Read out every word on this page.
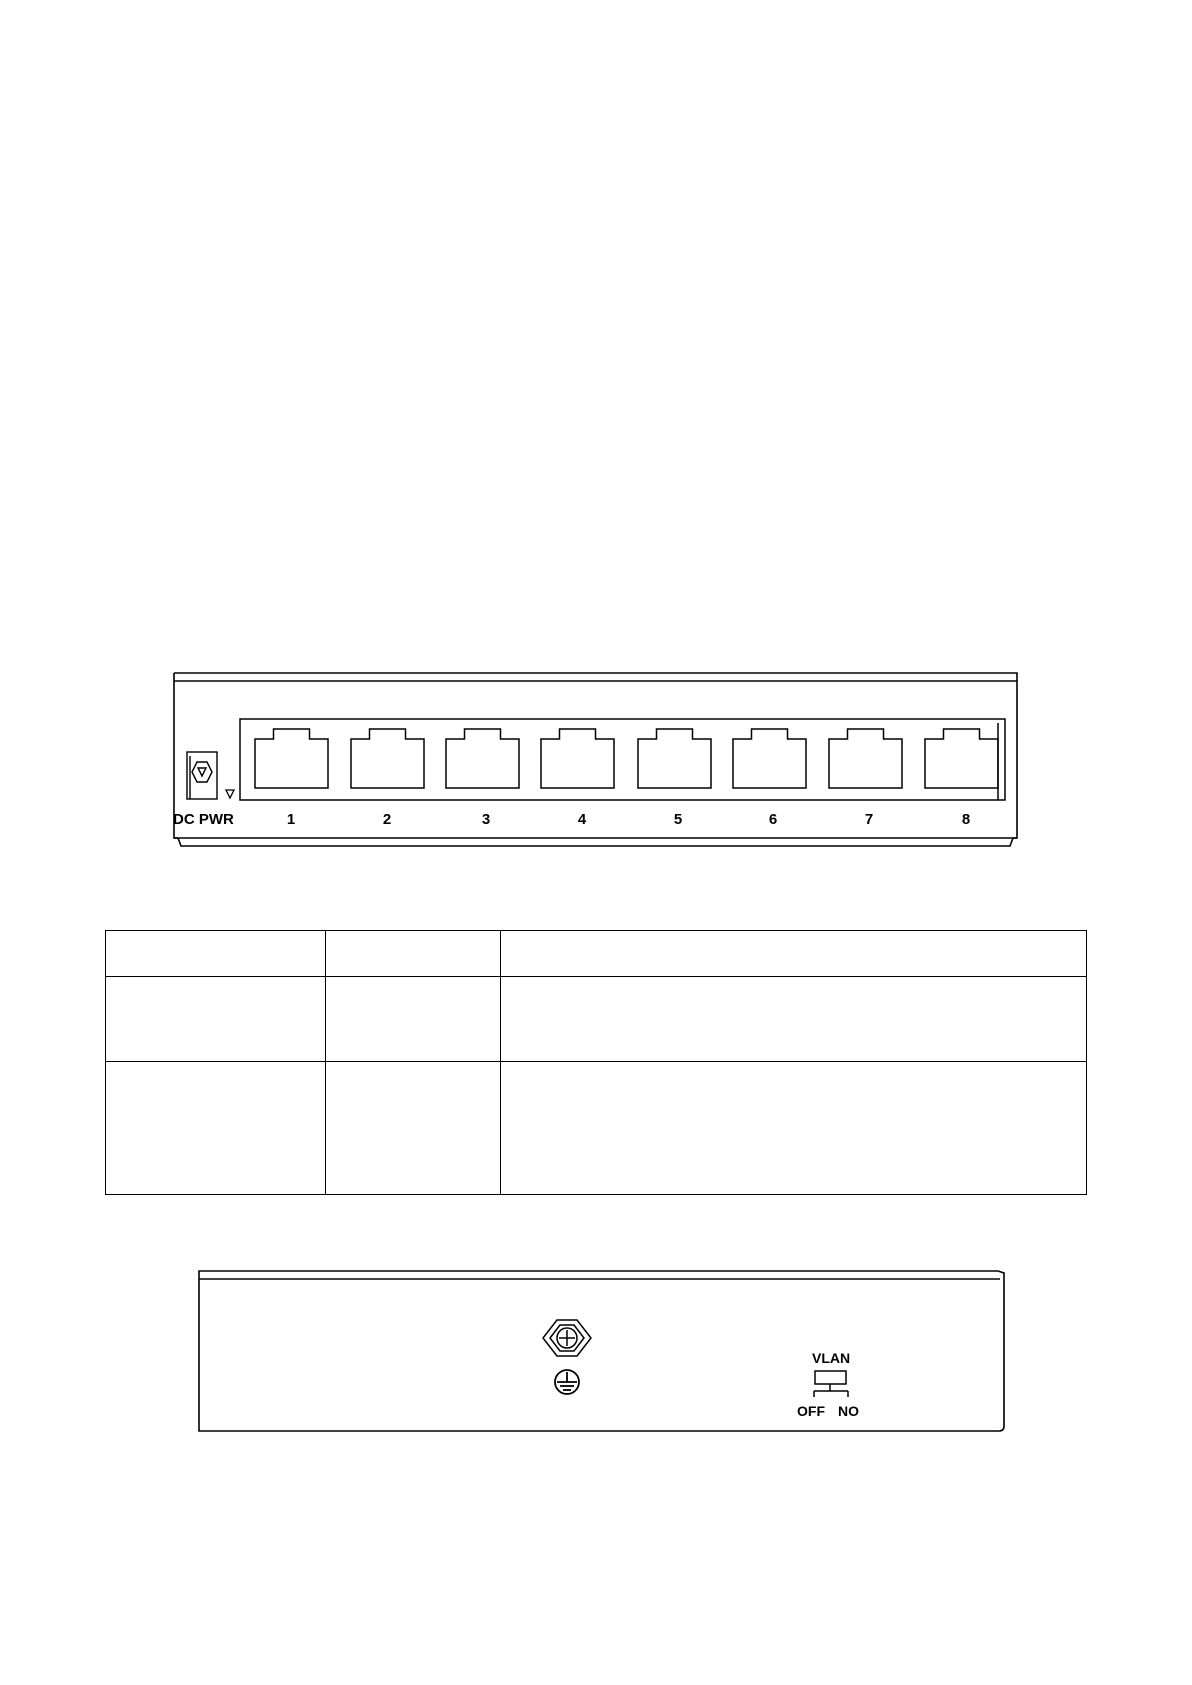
DC PWR	1	2	3	4	5	6	7	8

VLAN
OFF NO
